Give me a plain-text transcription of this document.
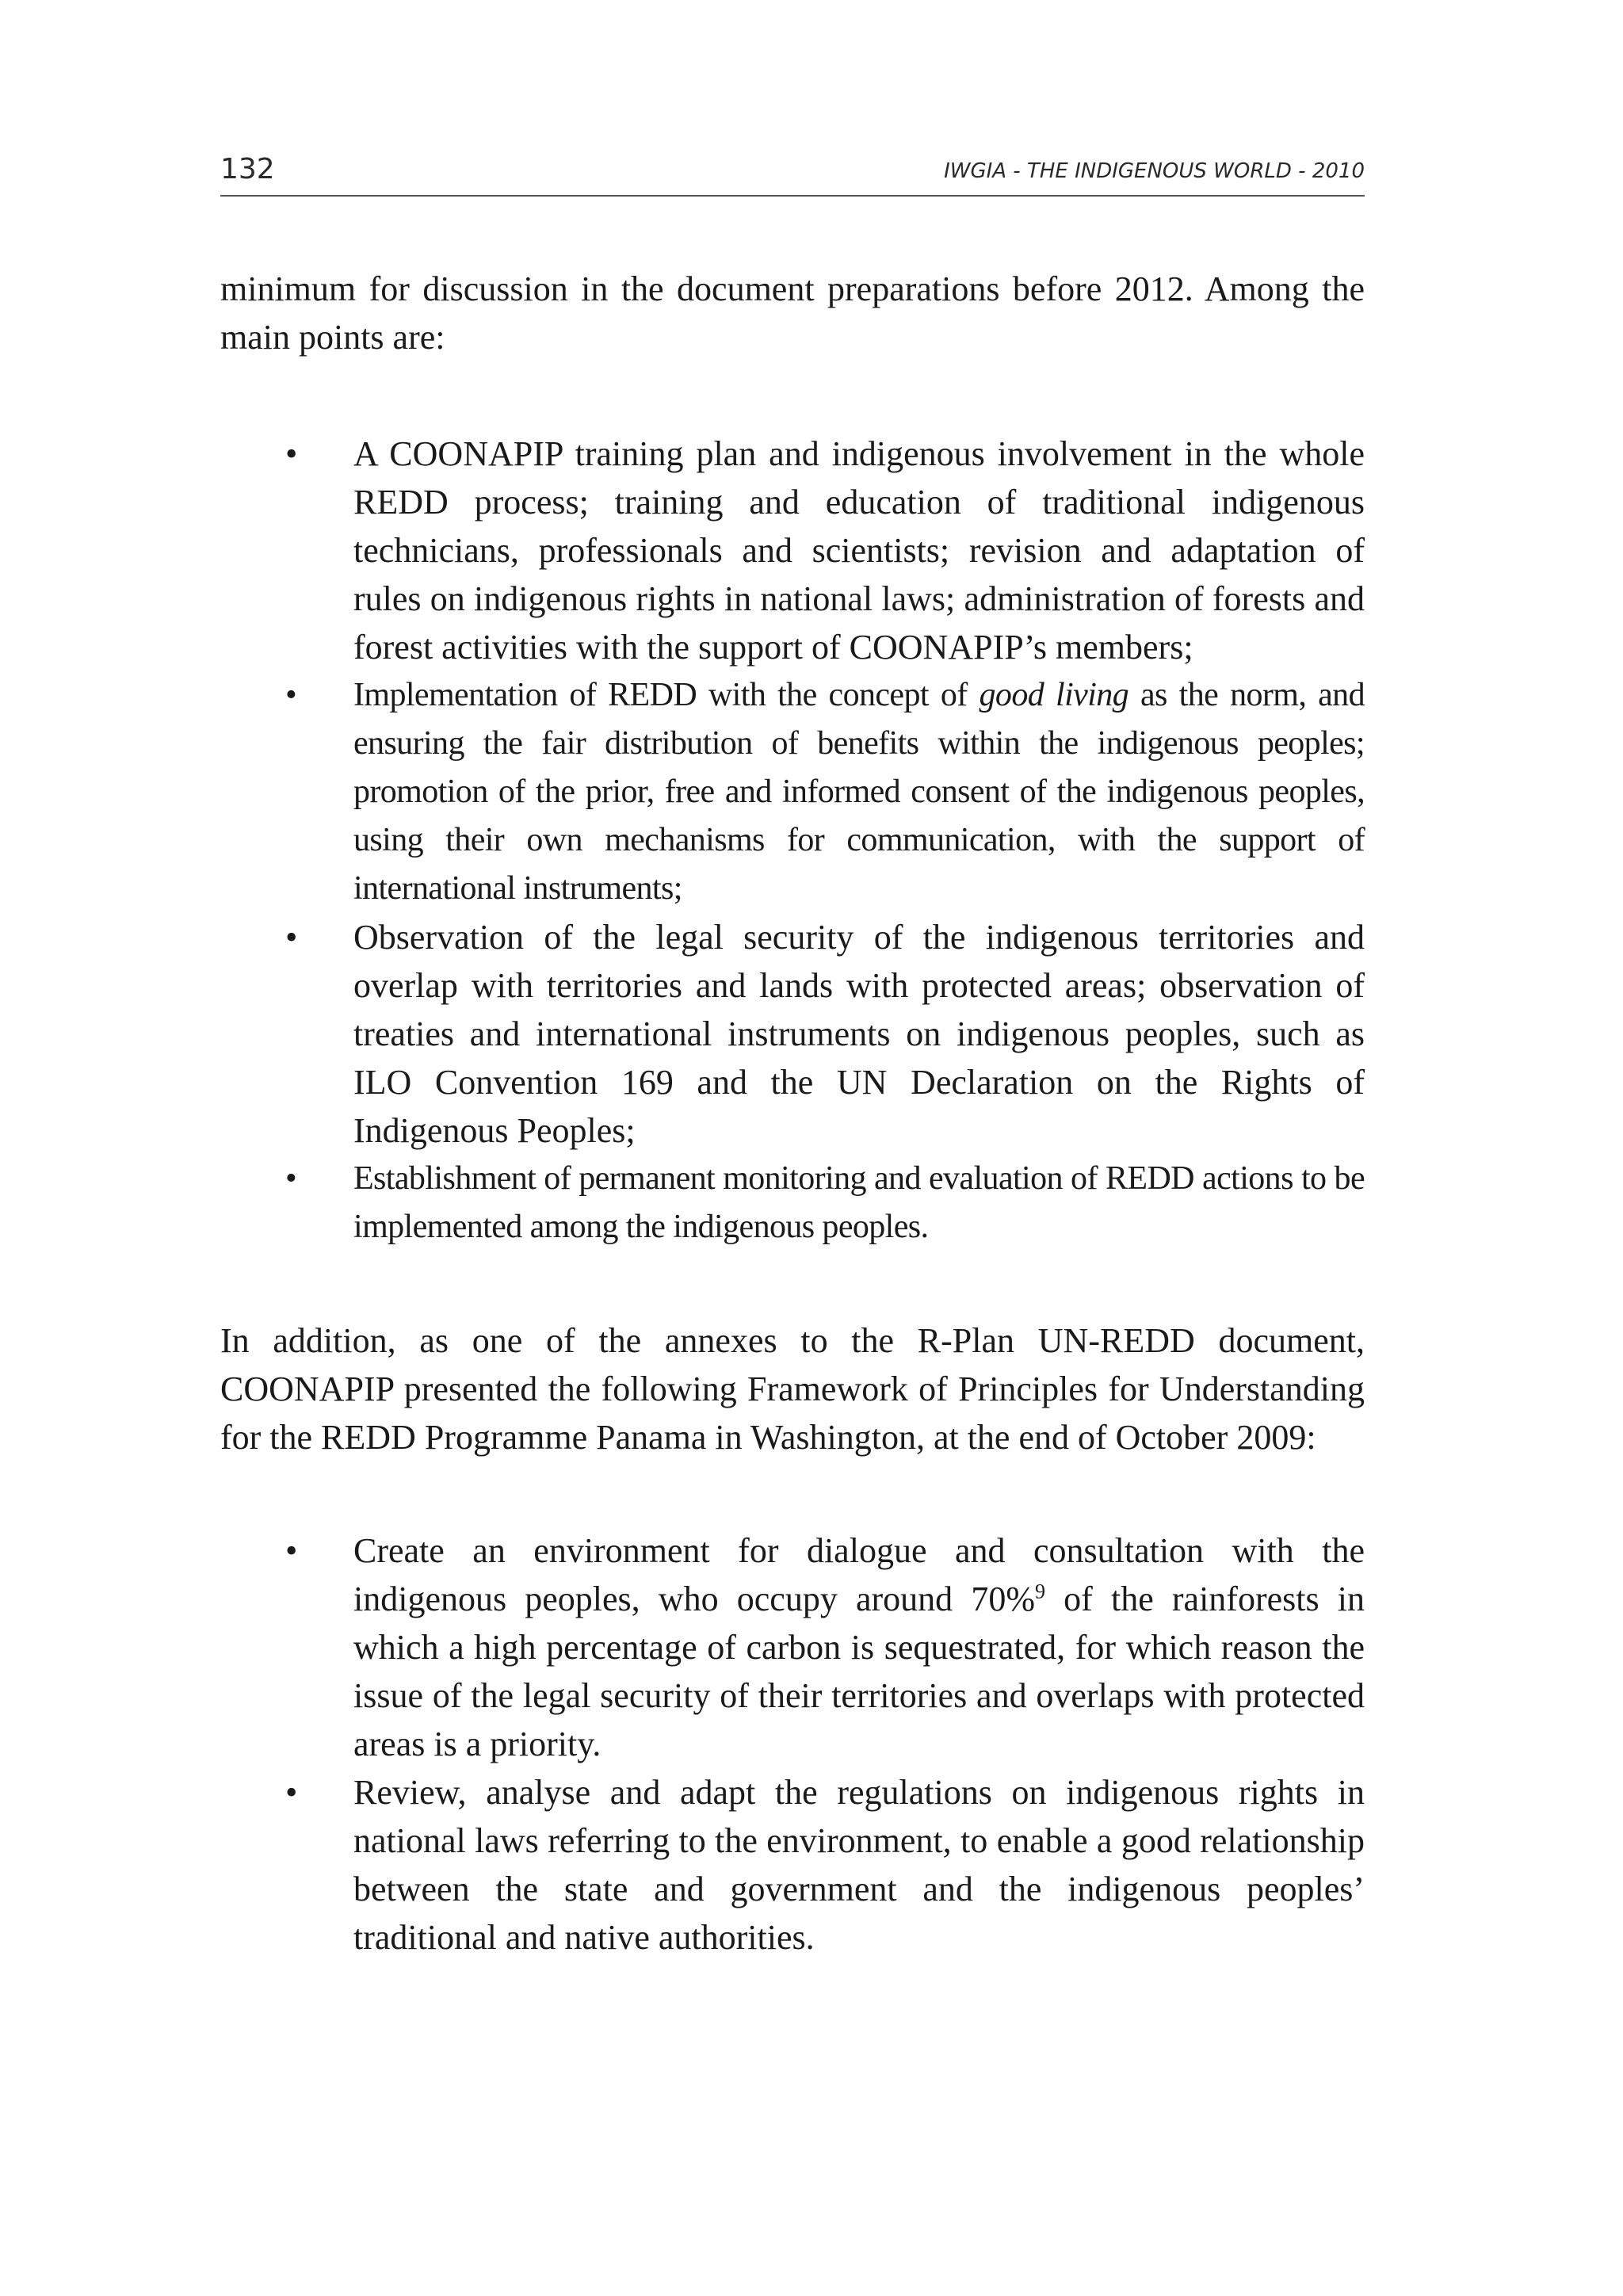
132	IWGIA - THE INDIGENOUS WORLD - 2010

minimum for discussion in the document preparations before 2012. Among the main points are:

• A COONAPIP training plan and indigenous involvement in the whole REDD process; training and education of traditional indigenous technicians, professionals and scientists; revision and adaptation of rules on indigenous rights in national laws; administration of forests and forest activities with the support of COONAPIP’s members;
• Implementation of REDD with the concept of good living as the norm, and ensuring the fair distribution of benefits within the indigenous peoples; promotion of the prior, free and informed consent of the indigenous peoples, using their own mechanisms for communication, with the support of international instruments;
• Observation of the legal security of the indigenous territories and overlap with territories and lands with protected areas; observation of treaties and international instruments on indigenous peoples, such as ILO Convention 169 and the UN Declaration on the Rights of Indigenous Peoples;
• Establishment of permanent monitoring and evaluation of REDD actions to be implemented among the indigenous peoples.

In addition, as one of the annexes to the R-Plan UN-REDD document, COONAPIP presented the following Framework of Principles for Understanding for the REDD Programme Panama in Washington, at the end of October 2009:

• Create an environment for dialogue and consultation with the indigenous peoples, who occupy around 70%$^9$ of the rainforests in which a high percentage of carbon is sequestrated, for which reason the issue of the legal security of their territories and overlaps with protected areas is a priority.
• Review, analyse and adapt the regulations on indigenous rights in national laws referring to the environment, to enable a good relationship between the state and government and the indigenous peoples’ traditional and native authorities.
